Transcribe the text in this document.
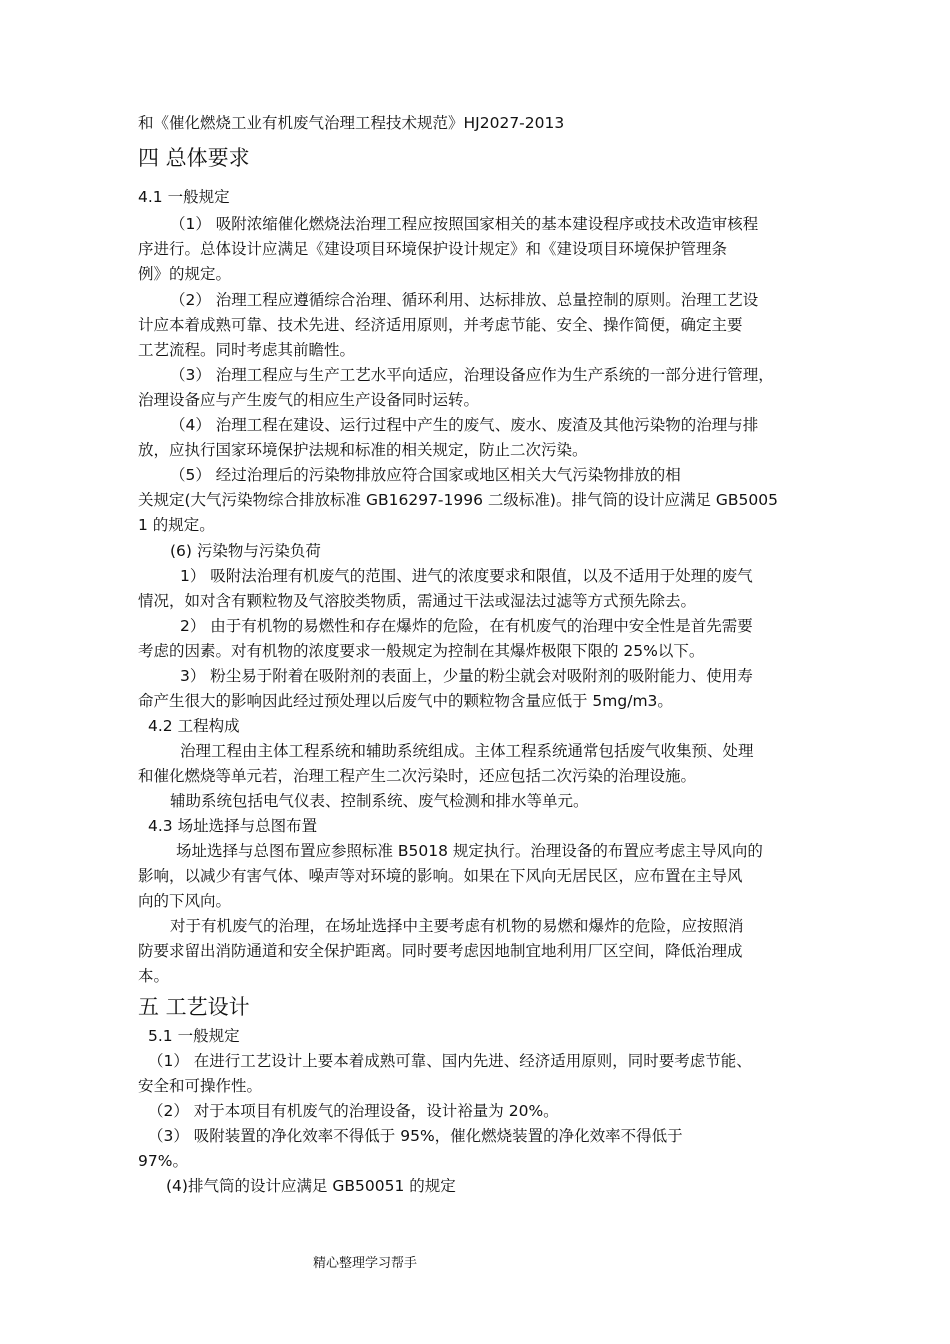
和《催化燃烧工业有机废气治理工程技术规范》HJ2027-2013
四 总体要求
4.1 一般规定
（1） 吸附浓缩催化燃烧法治理工程应按照国家相关的基本建设程序或技术改造审核程
序进行。总体设计应满足《建设项目环境保护设计规定》和《建设项目环境保护管理条
例》的规定。
（2） 治理工程应遵循综合治理、循环利用、达标排放、总量控制的原则。治理工艺设
计应本着成熟可靠、技术先进、经济适用原则，并考虑节能、安全、操作简便，确定主要
工艺流程。同时考虑其前瞻性。
（3） 治理工程应与生产工艺水平向适应，治理设备应作为生产系统的一部分进行管理，
治理设备应与产生废气的相应生产设备同时运转。
（4） 治理工程在建设、运行过程中产生的废气、废水、废渣及其他污染物的治理与排
放，应执行国家环境保护法规和标准的相关规定，防止二次污染。
（5） 经过治理后的污染物排放应符合国家或地区相关大气污染物排放的相
关规定(大气污染物综合排放标准 GB16297-1996 二级标准)。排气筒的设计应满足 GB5005
1 的规定。
(6) 污染物与污染负荷
1） 吸附法治理有机废气的范围、进气的浓度要求和限值，以及不适用于处理的废气
情况，如对含有颗粒物及气溶胶类物质，需通过干法或湿法过滤等方式预先除去。
2） 由于有机物的易燃性和存在爆炸的危险，在有机废气的治理中安全性是首先需要
考虑的因素。对有机物的浓度要求一般规定为控制在其爆炸极限下限的 25%以下。
3） 粉尘易于附着在吸附剂的表面上，少量的粉尘就会对吸附剂的吸附能力、使用寿
命产生很大的影响因此经过预处理以后废气中的颗粒物含量应低于 5mg/m3。
4.2 工程构成
治理工程由主体工程系统和辅助系统组成。主体工程系统通常包括废气收集预、处理
和催化燃烧等单元若，治理工程产生二次污染时，还应包括二次污染的治理设施。
辅助系统包括电气仪表、控制系统、废气检测和排水等单元。
4.3 场址选择与总图布置
场址选择与总图布置应参照标准 B5018 规定执行。治理设备的布置应考虑主导风向的
影响，以减少有害气体、噪声等对环境的影响。如果在下风向无居民区，应布置在主导风
向的下风向。
对于有机废气的治理，在场址选择中主要考虑有机物的易燃和爆炸的危险，应按照消
防要求留出消防通道和安全保护距离。同时要考虑因地制宜地利用厂区空间，降低治理成
本。
五 工艺设计
5.1 一般规定
（1） 在进行工艺设计上要本着成熟可靠、国内先进、经济适用原则，同时要考虑节能、
安全和可操作性。
（2） 对于本项目有机废气的治理设备，设计裕量为 20%。
（3） 吸附装置的净化效率不得低于 95%，催化燃烧装置的净化效率不得低于
97%。
(4)排气筒的设计应满足 GB50051 的规定
精心整理学习帮手
